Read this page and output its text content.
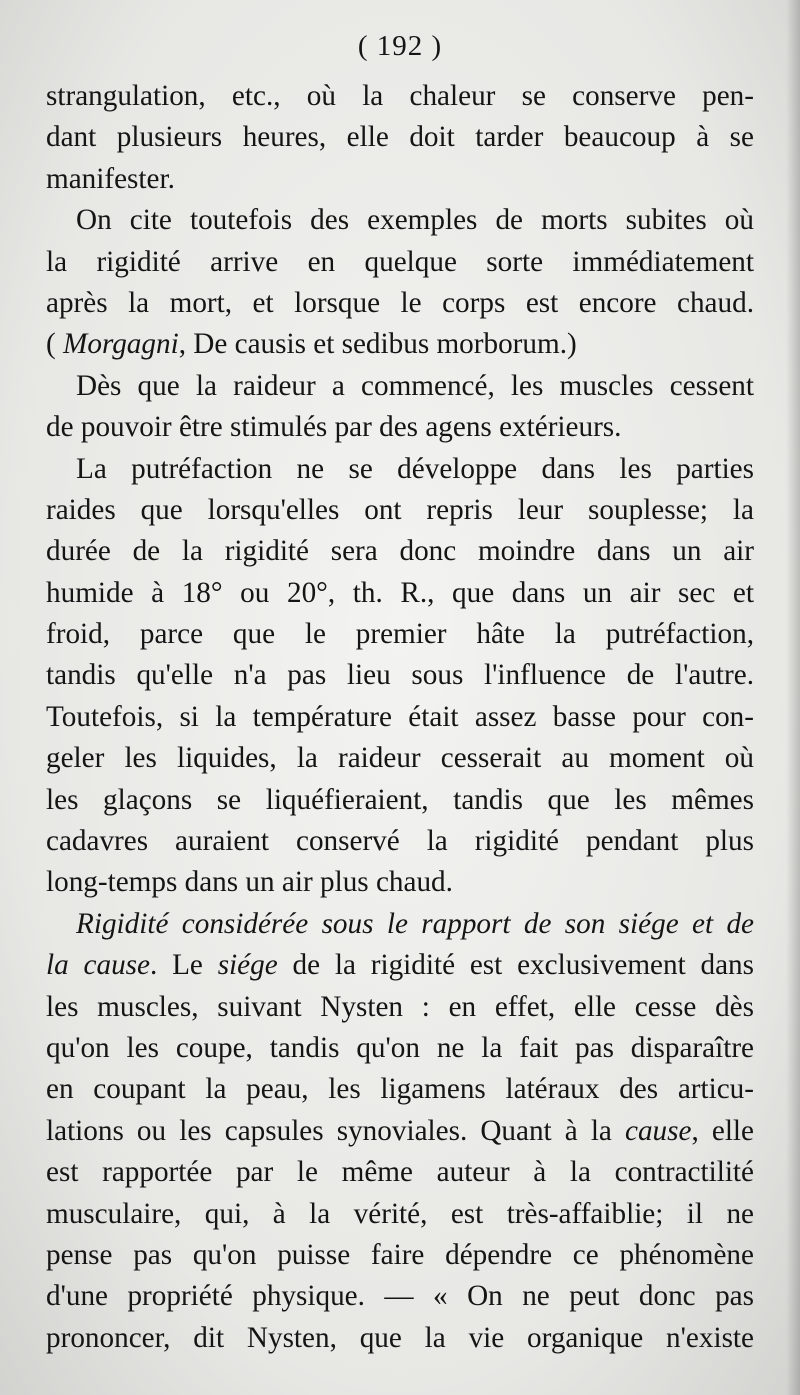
( 192 )
strangulation, etc., où la chaleur se conserve pen-
dant plusieurs heures, elle doit tarder beaucoup à se
manifester.
On cite toutefois des exemples de morts subites où
la rigidité arrive en quelque sorte immédiatement
après la mort, et lorsque le corps est encore chaud.
( Morgagni, De causis et sedibus morborum.)
Dès que la raideur a commencé, les muscles cessent
de pouvoir être stimulés par des agens extérieurs.
La putréfaction ne se développe dans les parties
raides que lorsqu'elles ont repris leur souplesse; la
durée de la rigidité sera donc moindre dans un air
humide à 18° ou 20°, th. R., que dans un air sec et
froid, parce que le premier hâte la putréfaction,
tandis qu'elle n'a pas lieu sous l'influence de l'autre.
Toutefois, si la température était assez basse pour con-
geler les liquides, la raideur cesserait au moment où
les glaçons se liquéfieraient, tandis que les mêmes
cadavres auraient conservé la rigidité pendant plus
long-temps dans un air plus chaud.
Rigidité considérée sous le rapport de son siége et de
la cause. Le siége de la rigidité est exclusivement dans
les muscles, suivant Nysten : en effet, elle cesse dès
qu'on les coupe, tandis qu'on ne la fait pas disparaître
en coupant la peau, les ligamens latéraux des articu-
lations ou les capsules synoviales. Quant à la cause, elle
est rapportée par le même auteur à la contractilité
musculaire, qui, à la vérité, est très-affaiblie; il ne
pense pas qu'on puisse faire dépendre ce phénomène
d'une propriété physique. — « On ne peut donc pas
prononcer, dit Nysten, que la vie organique n'existe
